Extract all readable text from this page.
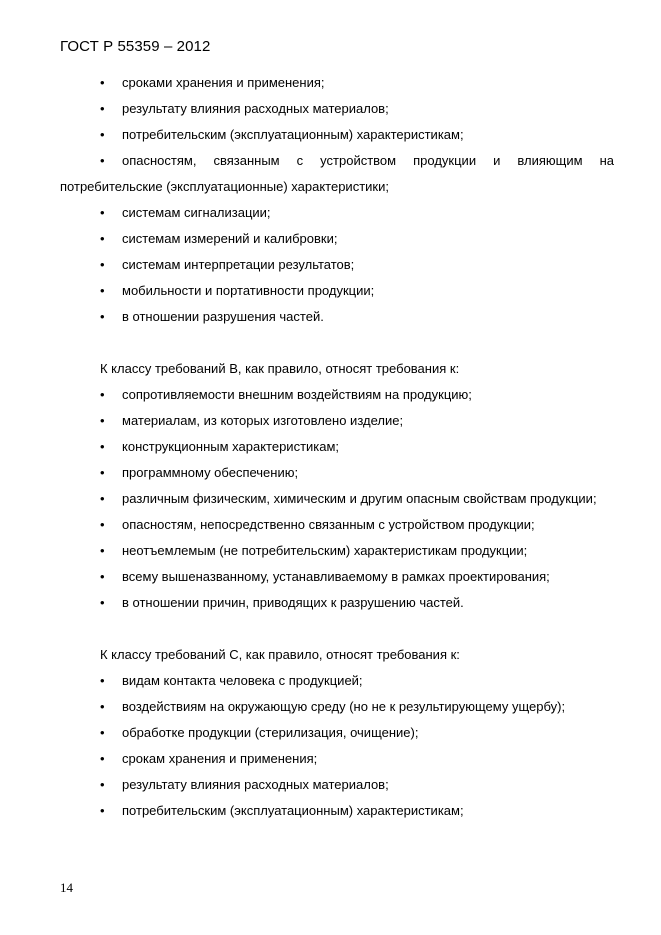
ГОСТ Р 55359 – 2012
• сроками хранения и применения;
• результату влияния расходных материалов;
• потребительским (эксплуатационным) характеристикам;
• опасностям, связанным с устройством продукции и влияющим на потребительские (эксплуатационные) характеристики;
• системам сигнализации;
• системам измерений и калибровки;
• системам интерпретации результатов;
• мобильности и портативности продукции;
• в отношении разрушения частей.

К классу требований В, как правило, относят требования к:

• сопротивляемости внешним воздействиям на продукцию;
• материалам, из которых изготовлено изделие;
• конструкционным характеристикам;
• программному обеспечению;
• различным физическим, химическим и другим опасным свойствам продукции;
• опасностям, непосредственно связанным с устройством продукции;
• неотъемлемым (не потребительским) характеристикам продукции;
• всему вышеназванному, устанавливаемому в рамках проектирования;
• в отношении причин, приводящих к разрушению частей.

К классу требований С, как правило, относят требования к:

• видам контакта человека с продукцией;
• воздействиям на окружающую среду (но не к результирующему ущербу);
• обработке продукции (стерилизация, очищение);
• срокам хранения и применения;
• результату влияния расходных материалов;
• потребительским (эксплуатационным) характеристикам;
14
